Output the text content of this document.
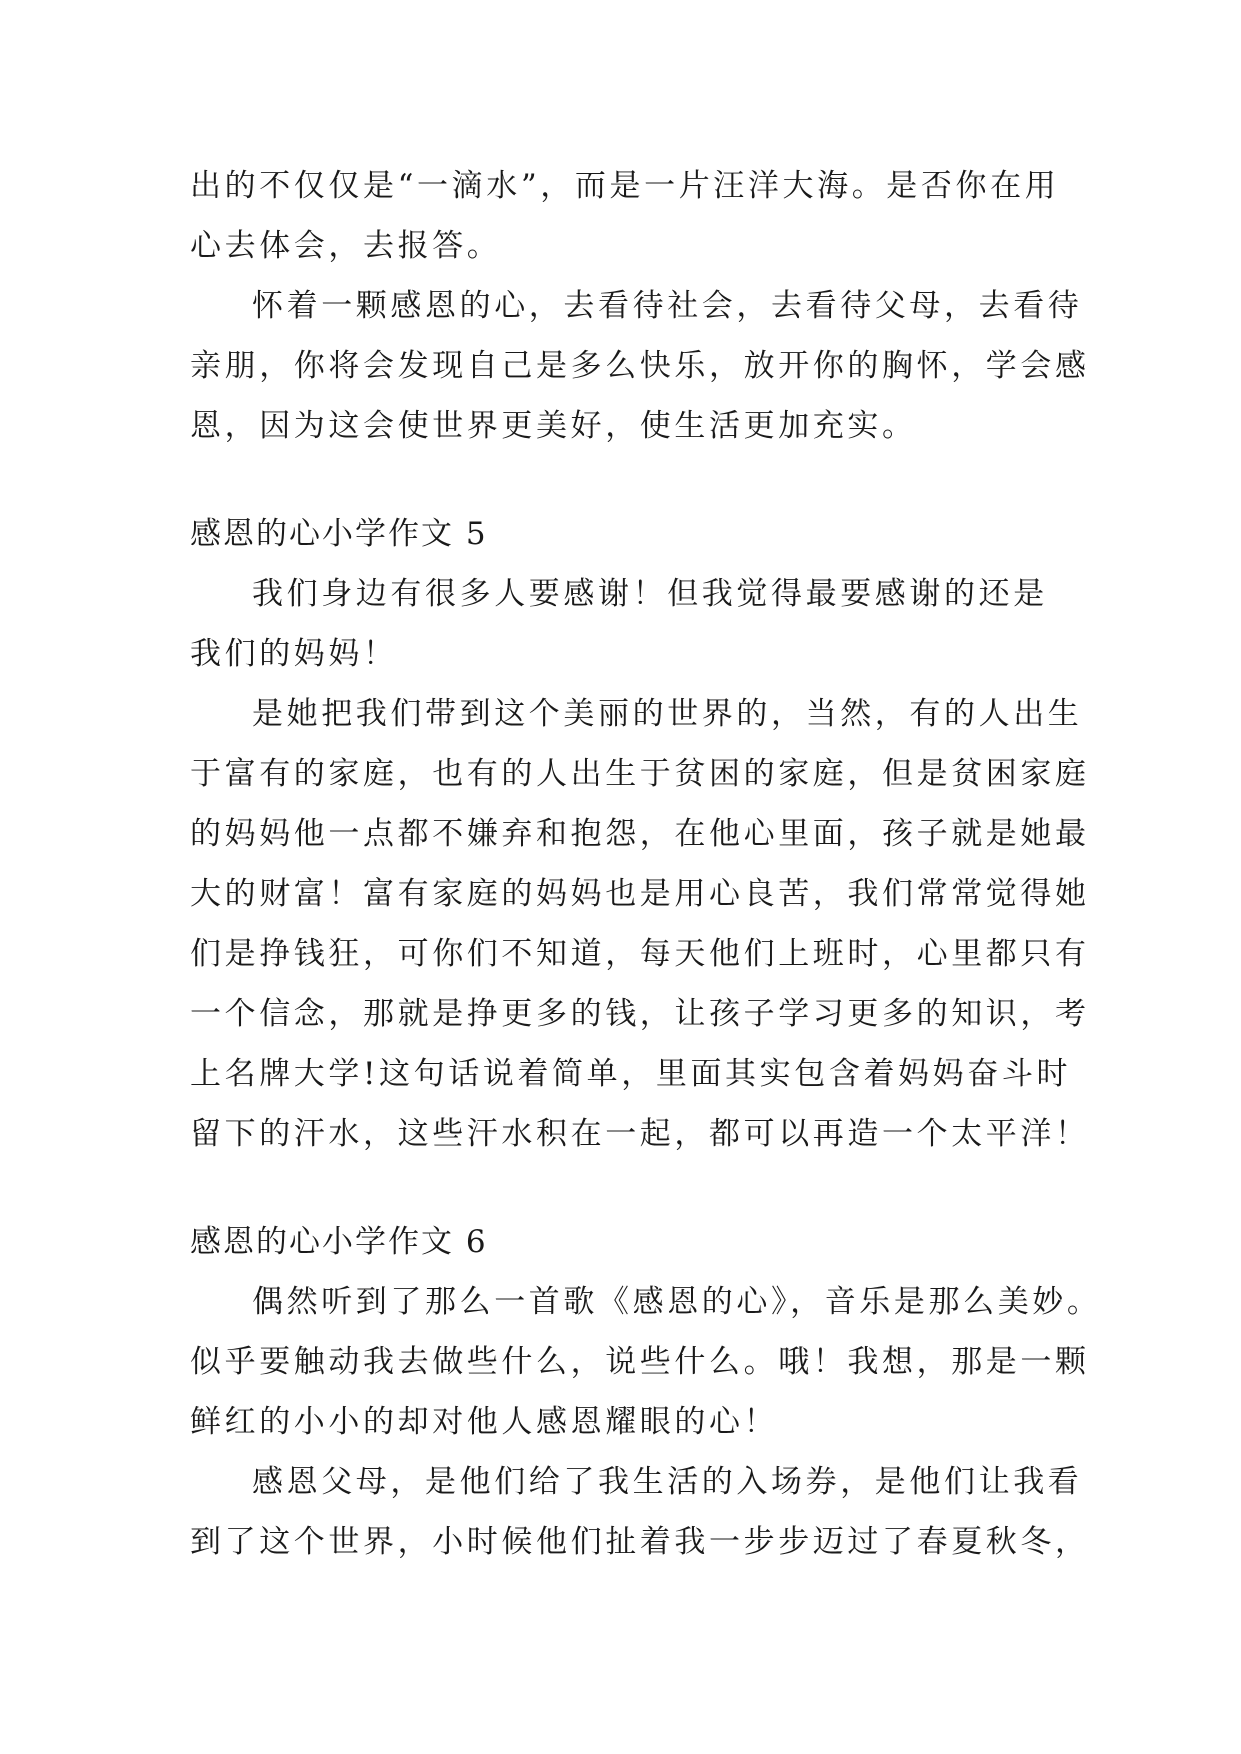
出的不仅仅是“一滴水”，而是一片汪洋大海。是否你在用
心去体会，去报答。
怀着一颗感恩的心，去看待社会，去看待父母，去看待
亲朋，你将会发现自己是多么快乐，放开你的胸怀，学会感
恩，因为这会使世界更美好，使生活更加充实。
感恩的心小学作文 5
我们身边有很多人要感谢！但我觉得最要感谢的还是
我们的妈妈！
是她把我们带到这个美丽的世界的，当然，有的人出生
于富有的家庭，也有的人出生于贫困的家庭，但是贫困家庭
的妈妈他一点都不嫌弃和抱怨，在他心里面，孩子就是她最
大的财富！富有家庭的妈妈也是用心良苦，我们常常觉得她
们是挣钱狂，可你们不知道，每天他们上班时，心里都只有
一个信念，那就是挣更多的钱，让孩子学习更多的知识，考
上名牌大学!这句话说着简单，里面其实包含着妈妈奋斗时
留下的汗水，这些汗水积在一起，都可以再造一个太平洋！
感恩的心小学作文 6
偶然听到了那么一首歌《感恩的心》，音乐是那么美妙。
似乎要触动我去做些什么，说些什么。哦！我想，那是一颗
鲜红的小小的却对他人感恩耀眼的心！
感恩父母，是他们给了我生活的入场券，是他们让我看
到了这个世界，小时候他们扯着我一步步迈过了春夏秋冬，
